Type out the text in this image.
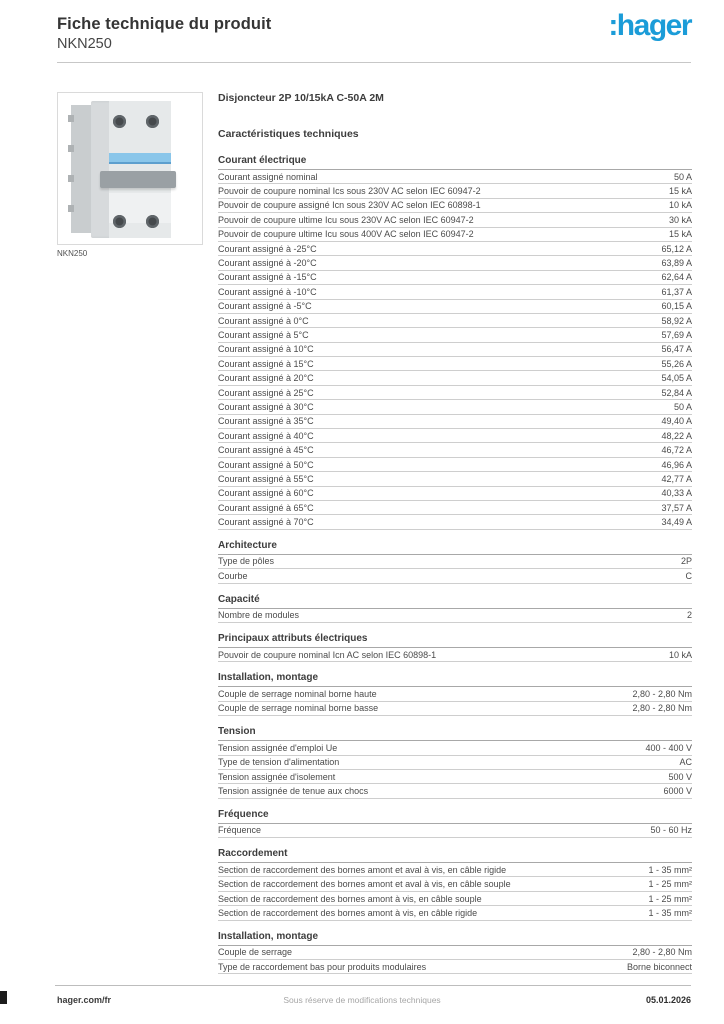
Fiche technique du produit
NKN250
:hager
NKN250
Disjoncteur 2P 10/15kA C-50A 2M
Caractéristiques techniques
Courant électrique
Courant assigné nominal	50 A
Pouvoir de coupure nominal Ics sous 230V AC selon IEC 60947-2	15 kA
Pouvoir de coupure assigné Icn sous 230V AC selon IEC 60898-1	10 kA
Pouvoir de coupure ultime Icu sous 230V AC selon IEC 60947-2	30 kA
Pouvoir de coupure ultime Icu sous 400V AC selon IEC 60947-2	15 kA
Courant assigné à -25°C	65,12 A
Courant assigné à -20°C	63,89 A
Courant assigné à -15°C	62,64 A
Courant assigné à -10°C	61,37 A
Courant assigné à -5°C	60,15 A
Courant assigné à 0°C	58,92 A
Courant assigné à 5°C	57,69 A
Courant assigné à 10°C	56,47 A
Courant assigné à 15°C	55,26 A
Courant assigné à 20°C	54,05 A
Courant assigné à 25°C	52,84 A
Courant assigné à 30°C	50 A
Courant assigné à 35°C	49,40 A
Courant assigné à 40°C	48,22 A
Courant assigné à 45°C	46,72 A
Courant assigné à 50°C	46,96 A
Courant assigné à 55°C	42,77 A
Courant assigné à 60°C	40,33 A
Courant assigné à 65°C	37,57 A
Courant assigné à 70°C	34,49 A
Architecture
Type de pôles	2P
Courbe	C
Capacité
Nombre de modules	2
Principaux attributs électriques
Pouvoir de coupure nominal Icn AC selon IEC 60898-1	10 kA
Installation, montage
Couple de serrage nominal borne haute	2,80 - 2,80 Nm
Couple de serrage nominal borne basse	2,80 - 2,80 Nm
Tension
Tension assignée d'emploi Ue	400 - 400 V
Type de tension d'alimentation	AC
Tension assignée d'isolement	500 V
Tension assignée de tenue aux chocs	6000 V
Fréquence
Fréquence	50 - 60 Hz
Raccordement
Section de raccordement des bornes amont et aval à vis, en câble rigide	1 - 35 mm²
Section de raccordement des bornes amont et aval à vis, en câble souple	1 - 25 mm²
Section de raccordement des bornes amont à vis, en câble souple	1 - 25 mm²
Section de raccordement des bornes amont à vis, en câble rigide	1 - 35 mm²
Installation, montage
Couple de serrage	2,80 - 2,80 Nm
Type de raccordement bas pour produits modulaires	Borne biconnect
hager.com/fr	Sous réserve de modifications techniques	05.01.2026
